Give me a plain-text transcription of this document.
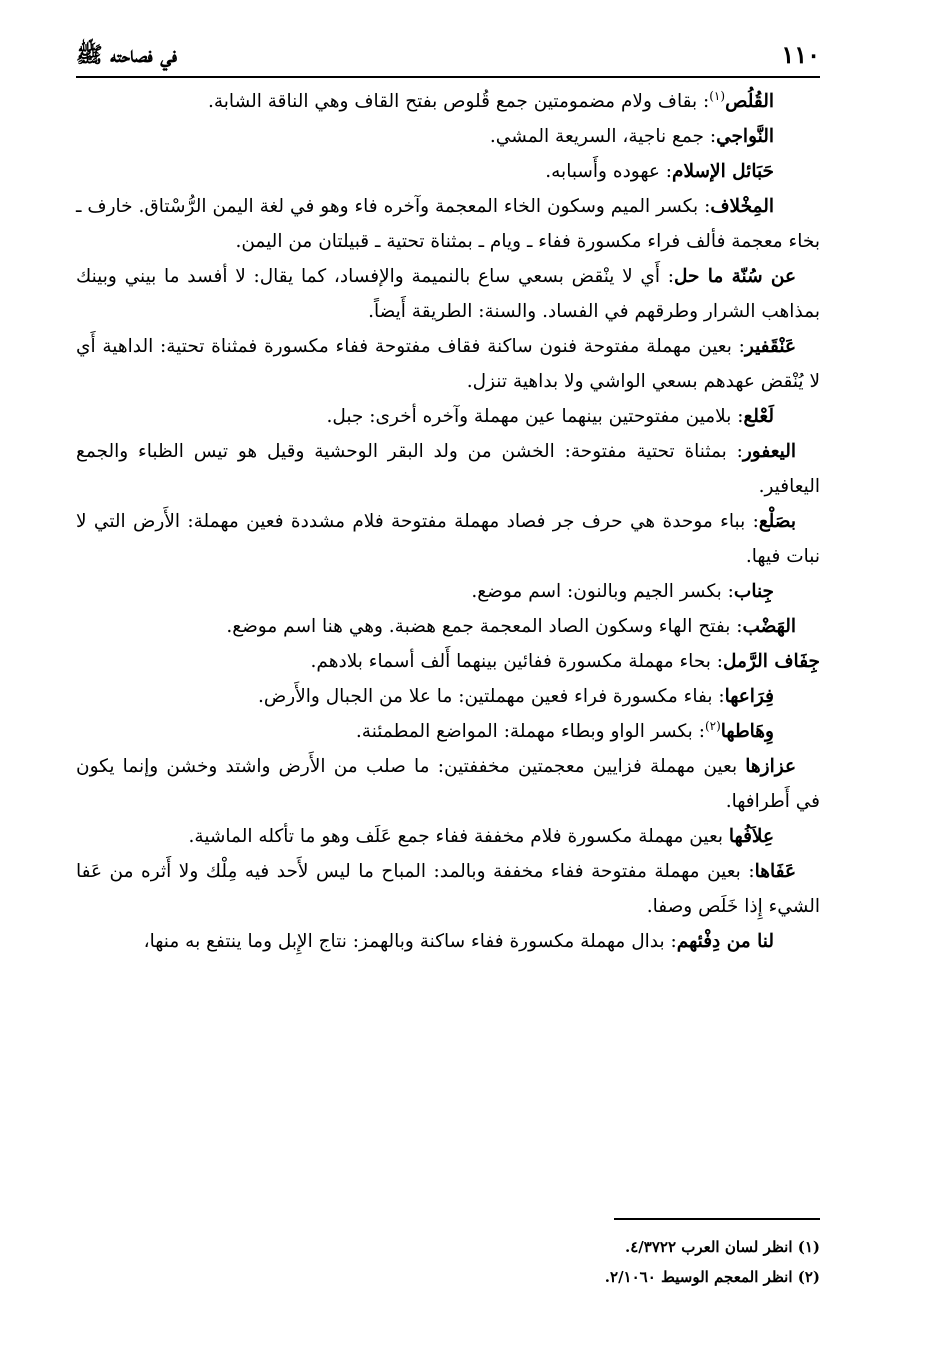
١١٠
في فصاحته ﷺ

القُلُص$^{(١)}$: بقاف ولام مضمومتين جمع قُلوص بفتح القاف وهي الناقة الشابة.

النَّواجي: جمع ناجية، السريعة المشي.

حَبَائل الإسلام: عهوده وأَسبابه.

المِخْلاف: بكسر الميم وسكون الخاء المعجمة وآخره فاء وهو في لغة اليمن الرُّسْتاق. خارف ـ بخاء معجمة فألف فراء مكسورة ففاء ـ ويام ـ بمثناة تحتية ـ قبيلتان من اليمن.

عن سُنّة ما حل: أَي لا ينْقض بسعي ساع بالنميمة والإفساد، كما يقال: لا أفسد ما بيني وبينك بمذاهب الشرار وطرقهم في الفساد. والسنة: الطريقة أَيضاً.

عَنْقَفير: بعين مهملة مفتوحة فنون ساكنة فقاف مفتوحة ففاء مكسورة فمثناة تحتية: الداهية أَي لا يُنْقض عهدهم بسعي الواشي ولا بداهية تنزل.

لَعْلع: بلامين مفتوحتين بينهما عين مهملة وآخره أخرى: جبل.

اليعفور: بمثناة تحتية مفتوحة: الخشن من ولد البقر الوحشية وقيل هو تيس الظباء والجمع اليعافير.

بصَلْع: بباء موحدة هي حرف جر فصاد مهملة مفتوحة فلام مشددة فعين مهملة: الأَرض التي لا نبات فيها.

جِناب: بكسر الجيم وبالنون: اسم موضع.

الهَضْب: بفتح الهاء وسكون الصاد المعجمة جمع هضبة. وهي هنا اسم موضع.

جِفَاف الرَّمل: بحاء مهملة مكسورة ففائين بينهما أَلف أسماء بلادهم.

فِرَاعها: بفاء مكسورة فراء فعين مهملتين: ما علا من الجبال والأَرض.

وِهَاطها$^{(٢)}$: بكسر الواو وبطاء مهملة: المواضع المطمئنة.

عزازها بعين مهملة فزايين معجمتين مخففتين: ما صلب من الأَرض واشتد وخشن وإنما يكون في أَطرافها.

عِلاَفُها بعين مهملة مكسورة فلام مخففة ففاء جمع عَلَف وهو ما تأكله الماشية.

عَفَاها: بعين مهملة مفتوحة ففاء مخففة وبالمد: المباح ما ليس لأَحد فيه مِلْك ولا أَثره من عَفا الشيء إِذا خَلَص وصفا.

لنا من دِفْئهم: بدال مهملة مكسورة ففاء ساكنة وبالهمز: نتاج الإِبل وما ينتفع به منها،

(١) انظر لسان العرب ٤/٣٧٢٢.

(٢) انظر المعجم الوسيط ٢/١٠٦٠.
